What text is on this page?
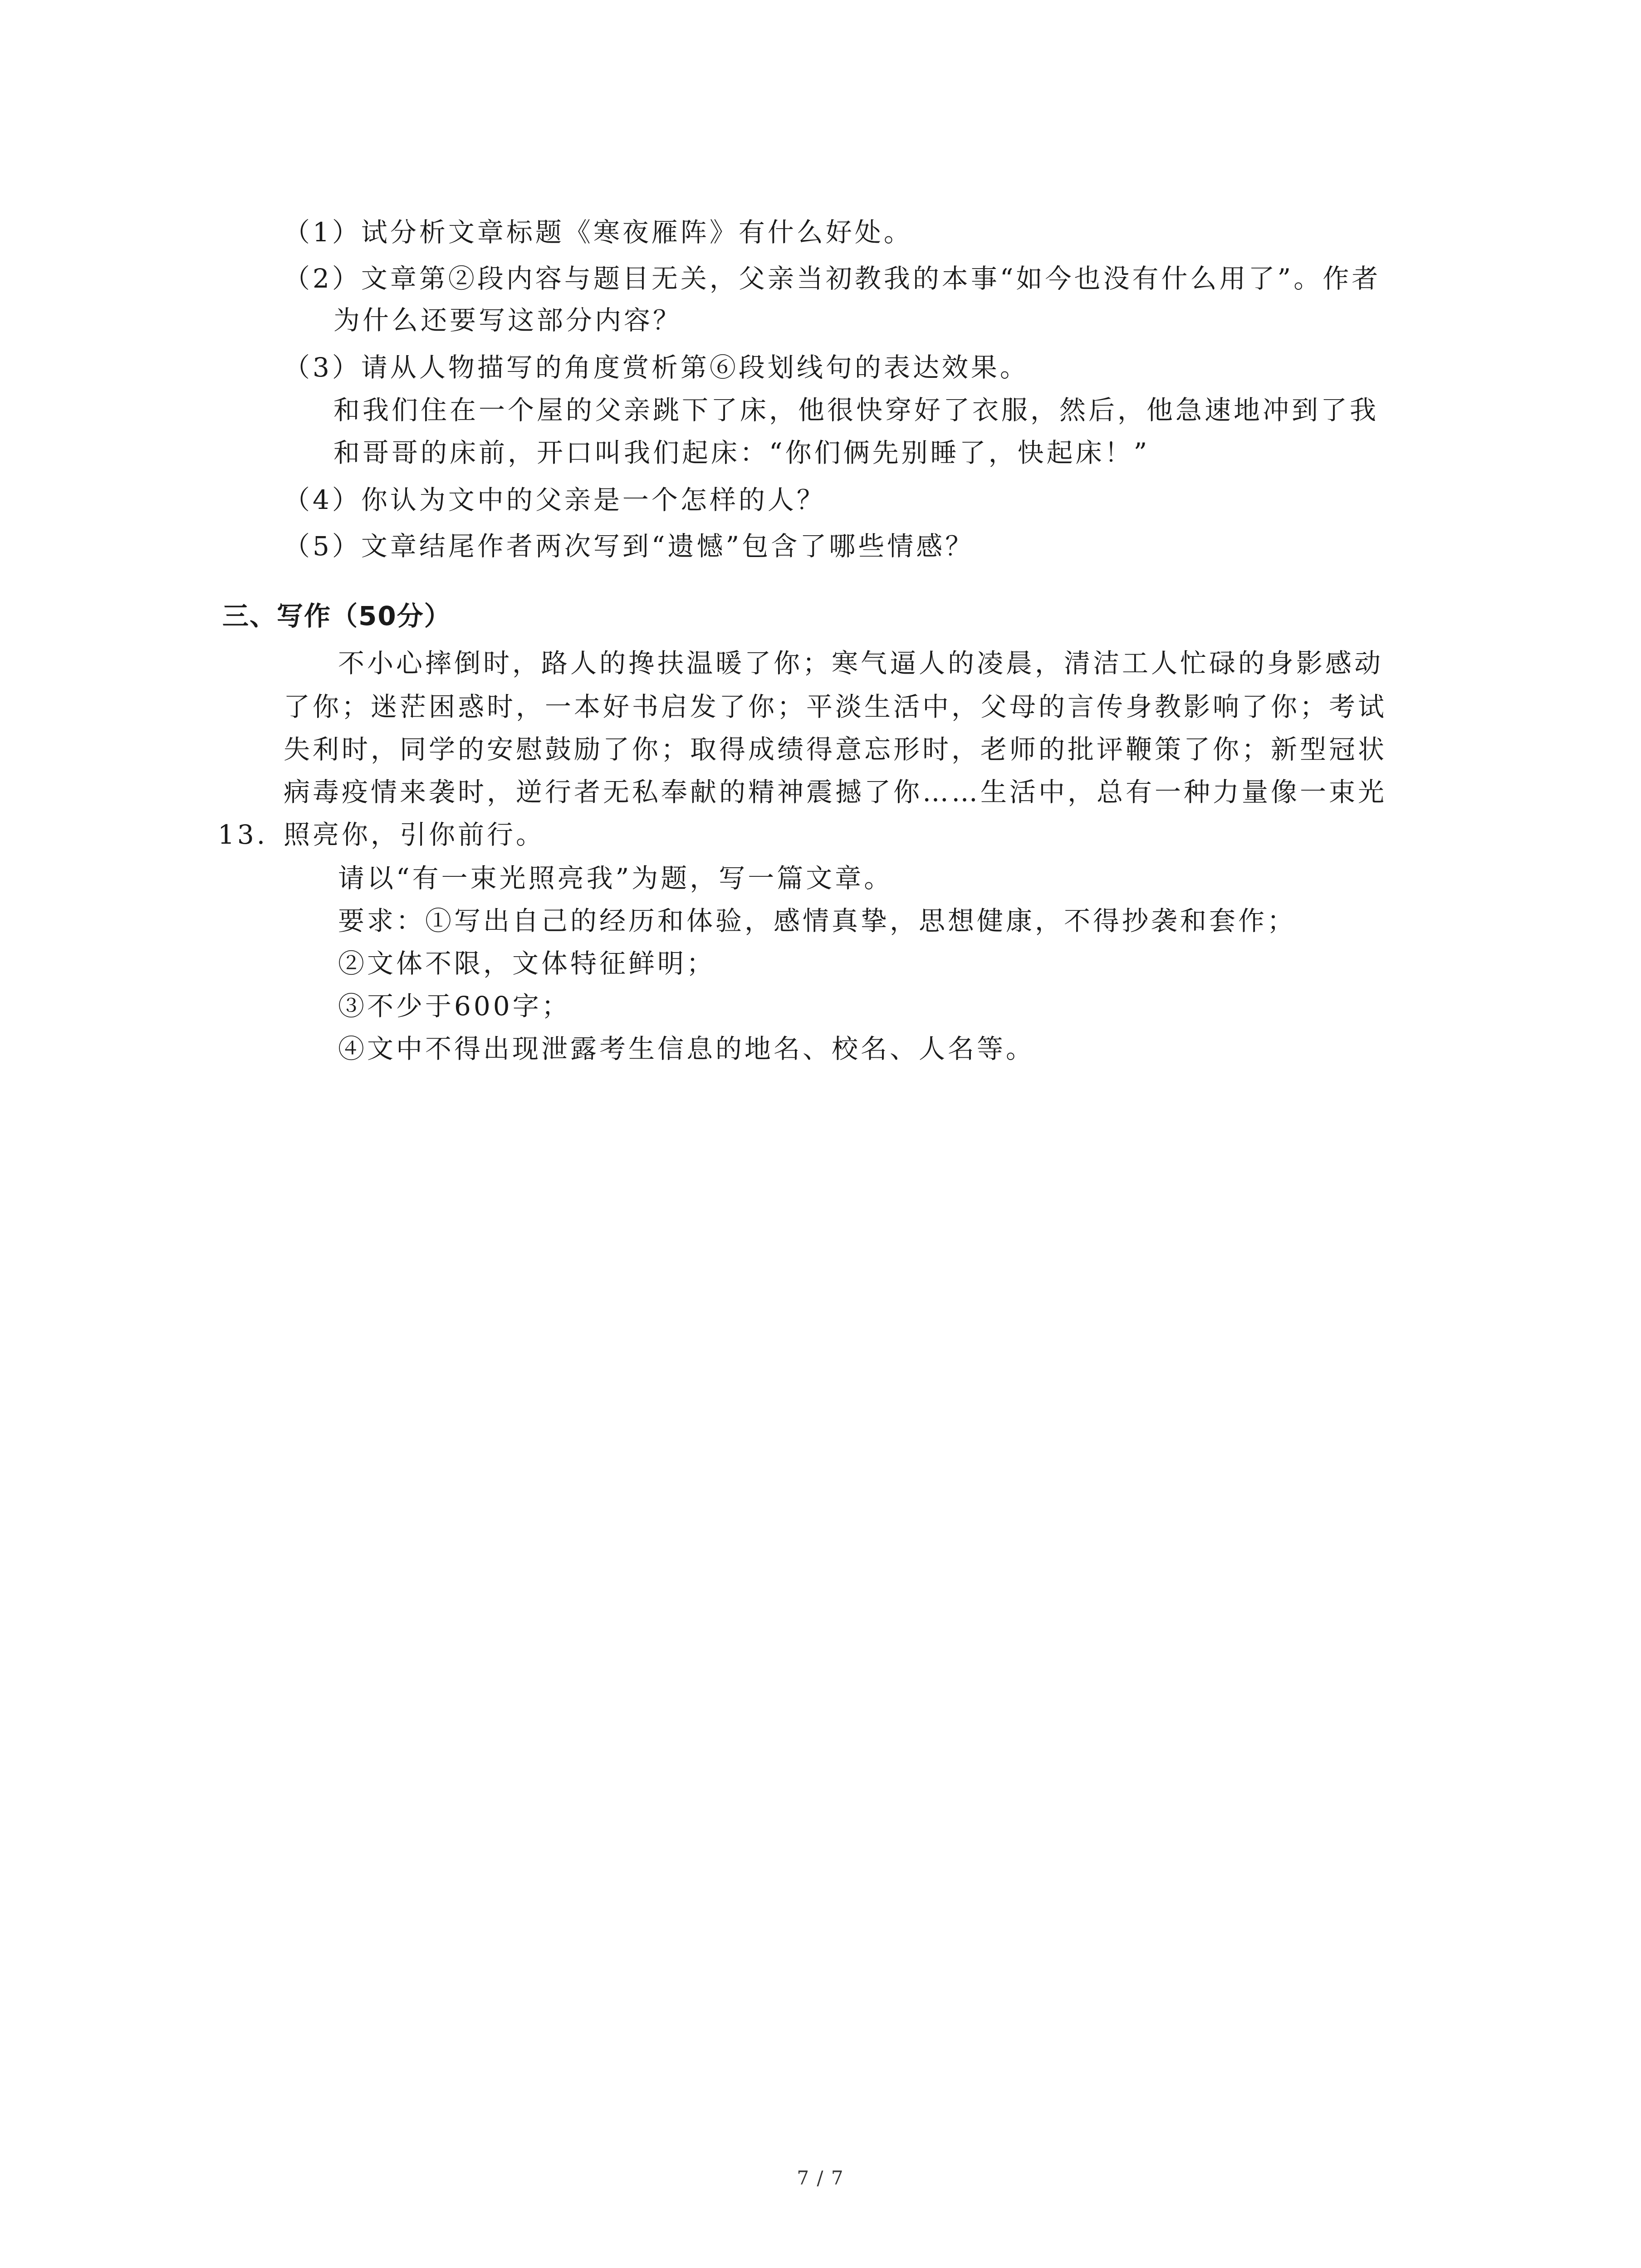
（1）试分析文章标题《寒夜雁阵》有什么好处。
（2）文章第②段内容与题目无关，父亲当初教我的本事“如今也没有什么用了”。作者
为什么还要写这部分内容？
（3）请从人物描写的角度赏析第⑥段划线句的表达效果。
和我们住在一个屋的父亲跳下了床，他很快穿好了衣服，然后，他急速地冲到了我
和哥哥的床前，开口叫我们起床：“你们俩先别睡了，快起床！”
（4）你认为文中的父亲是一个怎样的人？
（5）文章结尾作者两次写到“遗憾”包含了哪些情感？
三、写作（50分）
不小心摔倒时，路人的搀扶温暖了你；寒气逼人的凌晨，清洁工人忙碌的身影感动
了你；迷茫困惑时，一本好书启发了你；平淡生活中，父母的言传身教影响了你；考试
失利时，同学的安慰鼓励了你；取得成绩得意忘形时，老师的批评鞭策了你；新型冠状
病毒疫情来袭时，逆行者无私奉献的精神震撼了你……生活中，总有一种力量像一束光
13. 照亮你，引你前行。
请以“有一束光照亮我”为题，写一篇文章。
要求：①写出自己的经历和体验，感情真挚，思想健康，不得抄袭和套作；
②文体不限，文体特征鲜明；
③不少于600字；
④文中不得出现泄露考生信息的地名、校名、人名等。
7 / 7
